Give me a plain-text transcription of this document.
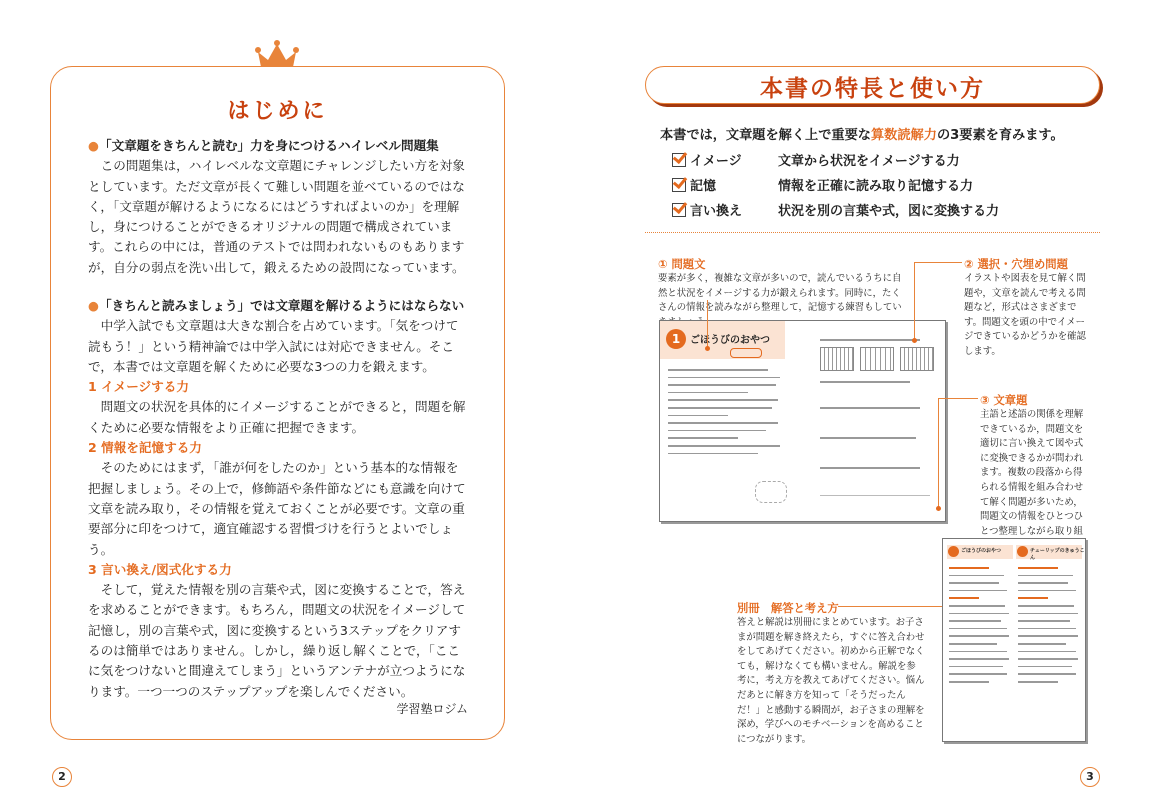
はじめに

●「文章題をきちんと読む」力を身につけるハイレベル問題集

この問題集は，ハイレベルな文章題にチャレンジしたい方を対象としています。ただ文章が長くて難しい問題を並べているのではなく，「文章題が解けるようになるにはどうすればよいのか」を理解し，身につけることができるオリジナルの問題で構成されています。これらの中には，普通のテストでは問われないものもありますが，自分の弱点を洗い出して，鍛えるための設問になっています。

●「きちんと読みましょう」では文章題を解けるようにはならない

中学入試でも文章題は大きな割合を占めています。「気をつけて読もう！」という精神論では中学入試には対応できません。そこで，本書では文章題を解くために必要な3つの力を鍛えます。

1 イメージする力

問題文の状況を具体的にイメージすることができると，問題を解くために必要な情報をより正確に把握できます。

2 情報を記憶する力

そのためにはまず，「誰が何をしたのか」という基本的な情報を把握しましょう。その上で，修飾語や条件節などにも意識を向けて文章を読み取り，その情報を覚えておくことが必要です。文章の重要部分に印をつけて，適宜確認する習慣づけを行うとよいでしょう。

3 言い換え/図式化する力

そして，覚えた情報を別の言葉や式，図に変換することで，答えを求めることができます。もちろん，問題文の状況をイメージして記憶し，別の言葉や式，図に変換するという3ステップをクリアするのは簡単ではありません。しかし，繰り返し解くことで，「ここに気をつけないと間違えてしまう」というアンテナが立つようになります。一つ一つのステップアップを楽しんでください。

学習塾ロジム
2
本書の特長と使い方
本書では，文章題を解く上で重要な算数読解力の3要素を育みます。
イメージ	文章から状況をイメージする力
記憶	情報を正確に読み取り記憶する力
言い換え	状況を別の言葉や式，図に変換する力
① 問題文
要素が多く，複雑な文章が多いので，読んでいるうちに自然と状況をイメージする力が鍛えられます。同時に，たくさんの情報を読みながら整理して，記憶する練習もしてい
② 選択・穴埋め問題
イラストや図表を見て解く問題や，文章を読んで考える問題など，形式はさまざまです。問題文を頭の中でイメージできているかどうかを確認します。
③ 文章題
主語と述語の関係を理解できているか，問題文を適切に言い換えて図や式に変換できるかが問われます。複数の段落から得られる情報を組み合わせて解く問題が多いため，問題文の情報をひとつひとつ整理しながら取り組
別冊　解答と考え方
答えと解説は別冊にまとめています。お子さまが問題を解き終えたら，すぐに答え合わせをしてあげてください。初めから正解でなくても，解けなくても構いません。解説を参考に，考え方を教えてあげてください。悩んだあとに解き方を知って「そうだったんだ！」と感動する瞬間が，お子さまの理解を深め，学びへのモチベーションを高めることにつながります。
1 ごほうびのおやつ
ごほうびのおやつ	チューリップのきゅうこん
3
